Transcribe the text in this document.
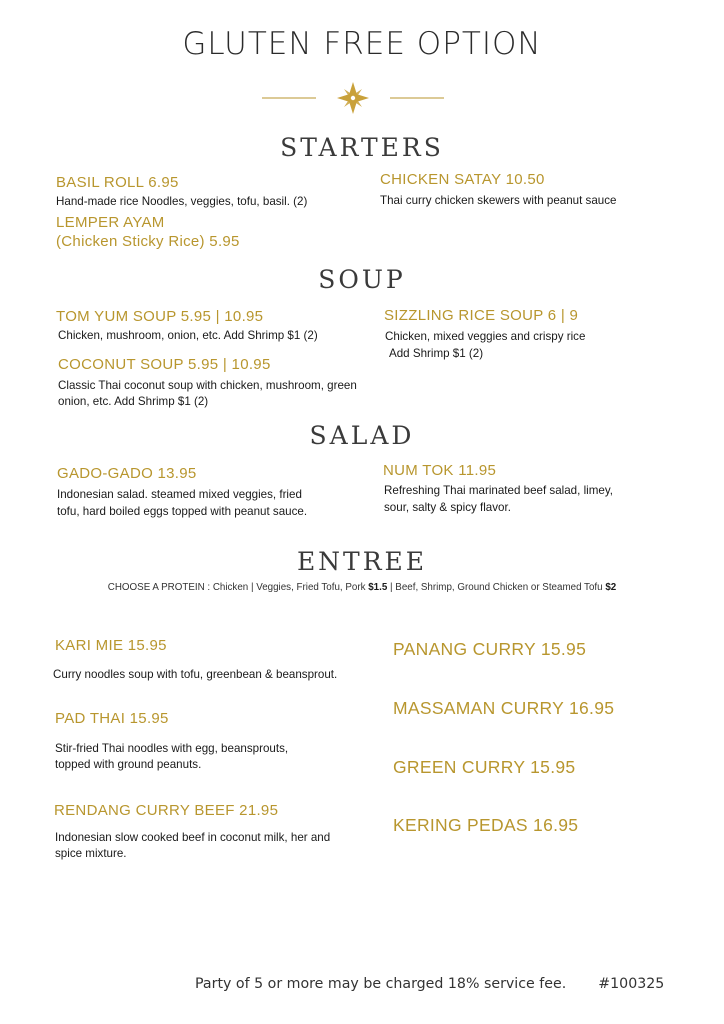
GLUTEN FREE OPTION
STARTERS
BASIL ROLL 6.95
Hand-made rice Noodles, veggies, tofu, basil. (2)
CHICKEN SATAY 10.50
Thai curry chicken skewers with peanut sauce
LEMPER AYAM
(Chicken Sticky Rice) 5.95
SOUP
TOM YUM SOUP 5.95 | 10.95
Chicken, mushroom, onion, etc. Add Shrimp $1 (2)
SIZZLING RICE SOUP 6 | 9
Chicken, mixed veggies and crispy rice
Add Shrimp $1 (2)
COCONUT SOUP 5.95 | 10.95
Classic Thai coconut soup with chicken, mushroom, green
onion, etc. Add Shrimp $1 (2)
SALAD
GADO-GADO 13.95
Indonesian salad. steamed mixed veggies, fried
tofu, hard boiled eggs topped with peanut sauce.
NUM TOK 11.95
Refreshing Thai marinated beef salad, limey,
sour, salty & spicy flavor.
ENTREE
CHOOSE A PROTEIN : Chicken | Veggies, Fried Tofu, Pork $1.5 | Beef, Shrimp, Ground Chicken or Steamed Tofu $2
KARI MIE 15.95
Curry noodles soup with tofu, greenbean & beansprout.
PAD THAI 15.95
Stir-fried Thai noodles with egg, beansprouts,
topped with ground peanuts.
RENDANG CURRY BEEF 21.95
Indonesian slow cooked beef in coconut milk, her and
spice mixture.
PANANG CURRY 15.95
MASSAMAN CURRY 16.95
GREEN CURRY 15.95
KERING PEDAS 16.95
Party of 5 or more may be charged 18% service fee. #100325
